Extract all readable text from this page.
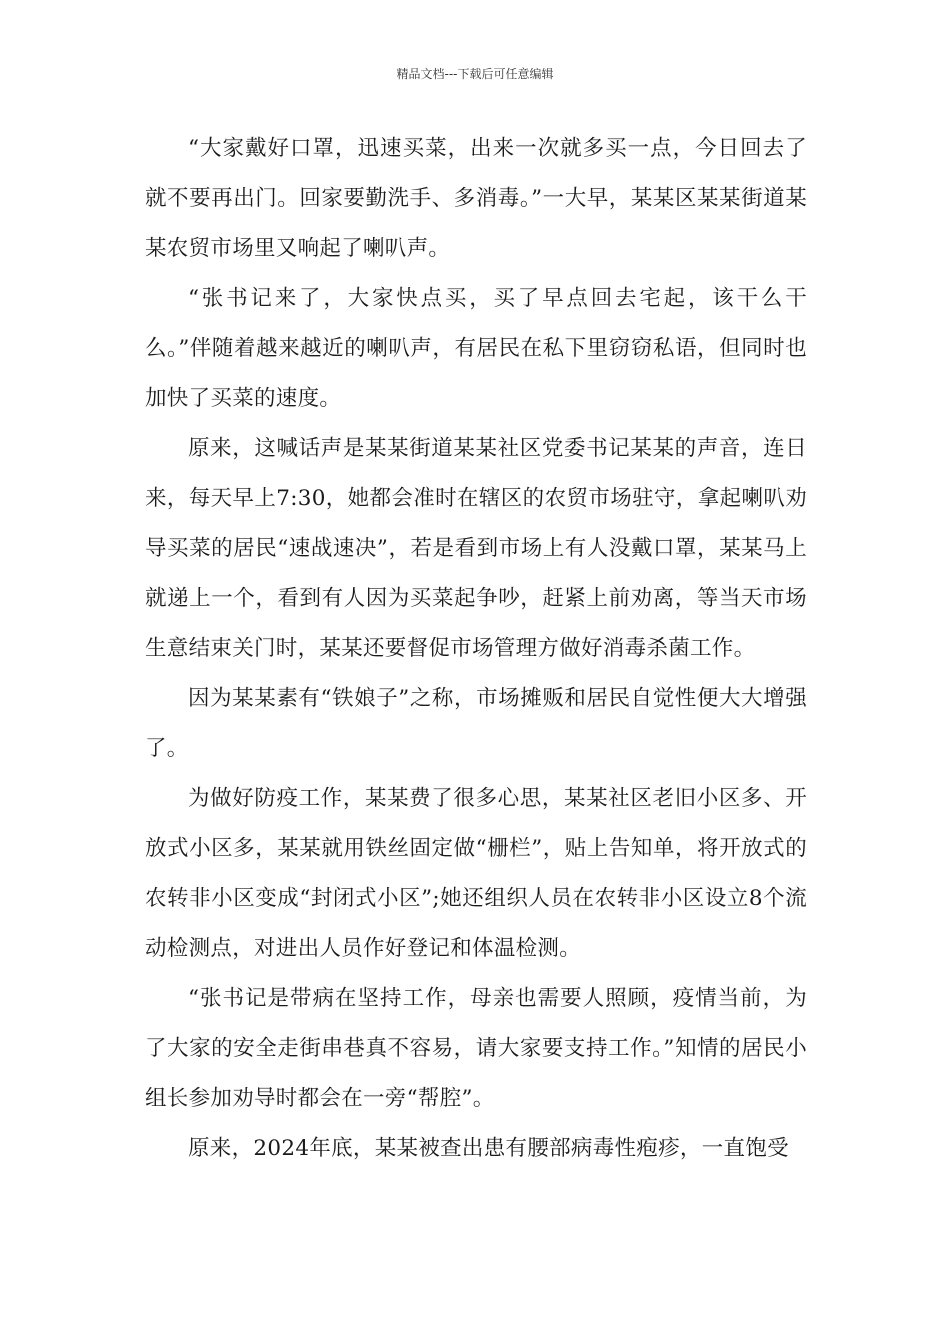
精品文档---下载后可任意编辑

“大家戴好口罩，迅速买菜，出来一次就多买一点，今日回去了就不要再出门。回家要勤洗手、多消毒。”一大早，某某区某某街道某某农贸市场里又响起了喇叭声。

“张书记来了，大家快点买，买了早点回去宅起，该干么干么。”伴随着越来越近的喇叭声，有居民在私下里窃窃私语，但同时也加快了买菜的速度。

原来，这喊话声是某某街道某某社区党委书记某某的声音，连日来，每天早上7:30，她都会准时在辖区的农贸市场驻守，拿起喇叭劝导买菜的居民“速战速决”，若是看到市场上有人没戴口罩，某某马上就递上一个，看到有人因为买菜起争吵，赶紧上前劝离，等当天市场生意结束关门时，某某还要督促市场管理方做好消毒杀菌工作。

因为某某素有“铁娘子”之称，市场摊贩和居民自觉性便大大增强了。

为做好防疫工作，某某费了很多心思，某某社区老旧小区多、开放式小区多，某某就用铁丝固定做“栅栏”，贴上告知单，将开放式的农转非小区变成“封闭式小区”;她还组织人员在农转非小区设立8个流动检测点，对进出人员作好登记和体温检测。

“张书记是带病在坚持工作，母亲也需要人照顾，疫情当前，为了大家的安全走街串巷真不容易，请大家要支持工作。”知情的居民小组长参加劝导时都会在一旁“帮腔”。

原来，2024年底，某某被查出患有腰部病毒性疱疹，一直饱受
